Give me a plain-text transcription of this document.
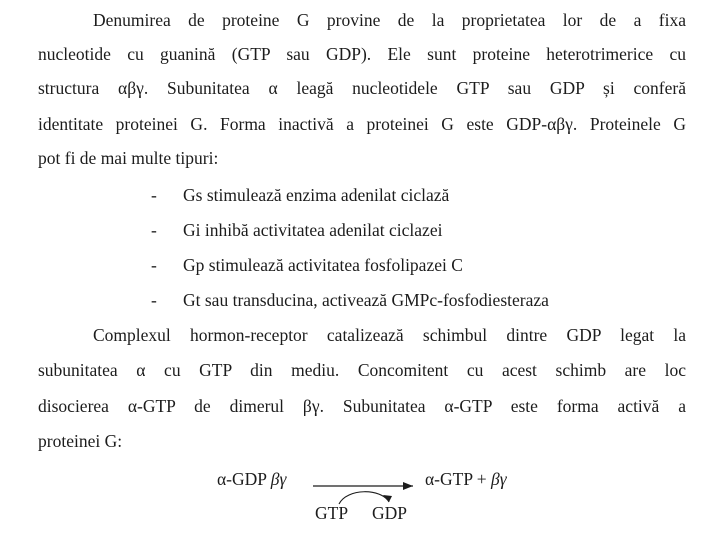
Denumirea de proteine G provine de la proprietatea lor de a fixa
nucleotide cu guanină (GTP sau GDP). Ele sunt proteine heterotrimerice cu
structura αβγ. Subunitatea α leagă nucleotidele GTP sau GDP și conferă
identitate proteinei G. Forma inactivă a proteinei G este GDP-αβγ. Proteinele G
pot fi de mai multe tipuri:
- Gs stimulează enzima adenilat ciclază
- Gi inhibă activitatea adenilat ciclazei
- Gp stimulează activitatea fosfolipazei C
- Gt sau transducina, activează GMPc-fosfodiesteraza
Complexul hormon-receptor catalizează schimbul dintre GDP legat la
subunitatea α cu GTP din mediu. Concomitent cu acest schimb are loc
disocierea α-GTP de dimerul βγ. Subunitatea α-GTP este forma activă a
proteinei G:
α-GDP βγ	α-GTP + βγ
GTP GDP
